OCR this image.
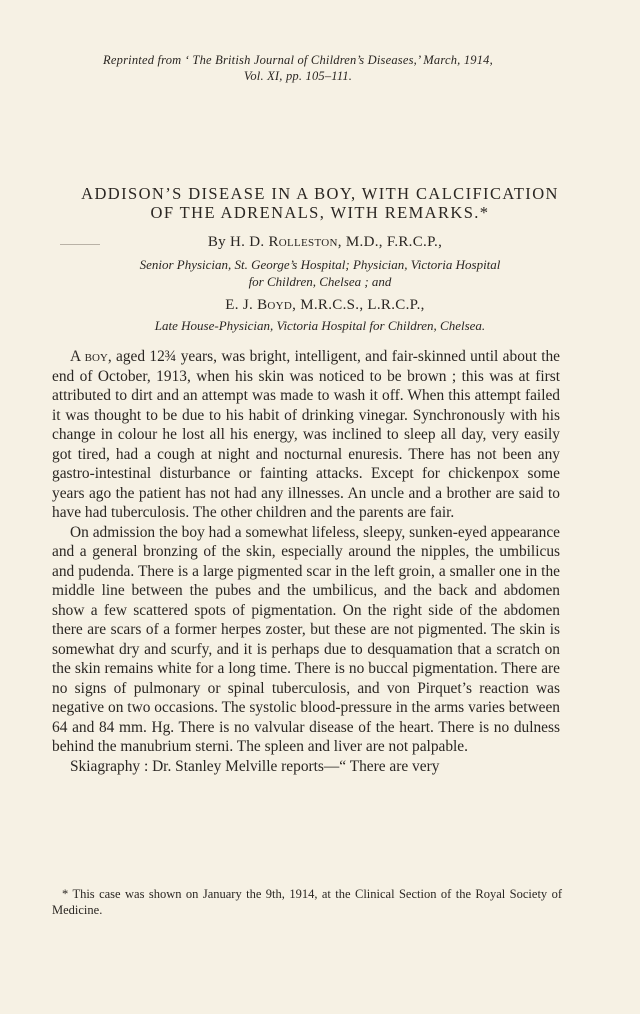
Reprinted from ‘ The British Journal of Children’s Diseases,’ March, 1914,
Vol. XI, pp. 105–111.
ADDISON’S DISEASE IN A BOY, WITH CALCIFICATION
OF THE ADRENALS, WITH REMARKS.*
By H. D. Rolleston, M.D., F.R.C.P.,
Senior Physician, St. George’s Hospital; Physician, Victoria Hospital
for Children, Chelsea ; and
E. J. Boyd, M.R.C.S., L.R.C.P.,
Late House-Physician, Victoria Hospital for Children, Chelsea.

A boy, aged 12¾ years, was bright, intelligent, and fair-skinned until about the end of October, 1913, when his skin was noticed to be brown ; this was at first attributed to dirt and an attempt was made to wash it off. When this attempt failed it was thought to be due to his habit of drinking vinegar. Synchronously with his change in colour he lost all his energy, was inclined to sleep all day, very easily got tired, had a cough at night and nocturnal enuresis. There has not been any gastro-intestinal disturbance or fainting attacks. Except for chickenpox some years ago the patient has not had any illnesses. An uncle and a brother are said to have had tuberculosis. The other children and the parents are fair.

On admission the boy had a somewhat lifeless, sleepy, sunken-eyed appearance and a general bronzing of the skin, especially around the nipples, the umbilicus and pudenda. There is a large pigmented scar in the left groin, a smaller one in the middle line between the pubes and the umbilicus, and the back and abdomen show a few scattered spots of pigmentation. On the right side of the abdomen there are scars of a former herpes zoster, but these are not pigmented. The skin is somewhat dry and scurfy, and it is perhaps due to desquamation that a scratch on the skin remains white for a long time. There is no buccal pigmentation. There are no signs of pulmonary or spinal tuberculosis, and von Pirquet’s reaction was negative on two occasions. The systolic blood-pressure in the arms varies between 64 and 84 mm. Hg. There is no valvular disease of the heart. There is no dulness behind the manubrium sterni. The spleen and liver are not palpable.

Skiagraphy : Dr. Stanley Melville reports—“ There are very

* This case was shown on January the 9th, 1914, at the Clinical Section of the Royal Society of Medicine.
